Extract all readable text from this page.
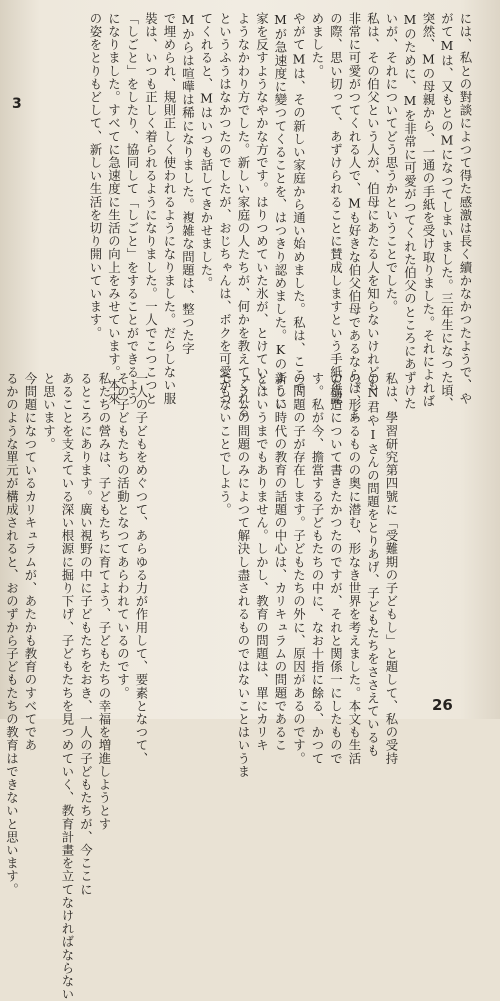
には、私との對談によつて得た感激は長く續かなかつたようで、や

がてMは、又もとのMになつてしまいました。三年生になつた頃、

突然、Mの母親から、一通の手紙を受け取りました。それによれば

Mのために、Mを非常に可愛がつてくれた伯父のところにあずけた

いが、それについてどう思うかということでした。

私は、その伯父という人が、伯母にあたる人を知らないけれども

非常に可愛がつてくれる人で、Mも好きな伯父伯母であるならば、こ

の際、思い切って、あずけられることに賛成しますという手紙を認

めました。

やがてMは、その新しい家庭から通い始めました。私は、ここで

Mが急速度に變つてくることを、はつきり認めました。Kのように

家を反すようなやかな方です。はりつめていた氷が、とけていく

ようなかわり方でした。新しい家庭の人たちが、何かを教えてくれる

というふうはなかつたのでしたが、おじちゃんは、ボクを可愛がつ

てくれると、Mはいつも話してきかせました。

Mからは喧嘩は稀になりました。複雑な問題は、整つた字

で埋められ、規則正しく使われるようになりました。だらしない服

裝は、いつも正しく着られるようになりました。一人でこつこつと

「しごと」をしたり、協同して「しごと」をすることができるよう

になりました。すべてに急速度に生活の向上をみせています。本來

の姿をとりもどして、新しい生活を切り開いています。

私は、學習研究第四號に「受難期の子どもし」と題して、私の受持

のN君やIさんの問題をとりあげ、子どもたちをささえているも

の、形あるものの奥に潜む、形なき世界を考えました。本文も生活

の構造について書きたかつたのですが、それと関係一にしたもので

す。私が今、擔當する子どもたちの中に、なお十指に餘る、かつて

の問題の子が存在します。子どもたちの外に、原因があるのです。

新しい時代の教育の話題の中心は、カリキュラムの問題であるこ

とはいうまでもありません。しかし、教育の問題は、單にカリキ

ュラムの問題のみによつて解決し盡されるものではないことはいうま

でもないことでしよう。

一人の子どもをめぐつて、あらゆる力が作用して、要素となつて、

その子どもたちの活動となつてあらわれているのです。

私たちの營みは、子どもたちに育てよう、子どもたちの幸福を増進しようとす

るところにあります。廣い視野の中に子どもたちをおき、一人の子どもたちが、今ここに

あることを支えている深い根源に掘り下げ、子どもたちを見つめていく、教育計畫を立てなければならない

と思います。

今問題になつているカリキュラムが、あたかも教育のすべてであ

るかのような單元が構成されると、おのずから子どもたちの教育はできないと思います。

3
26
